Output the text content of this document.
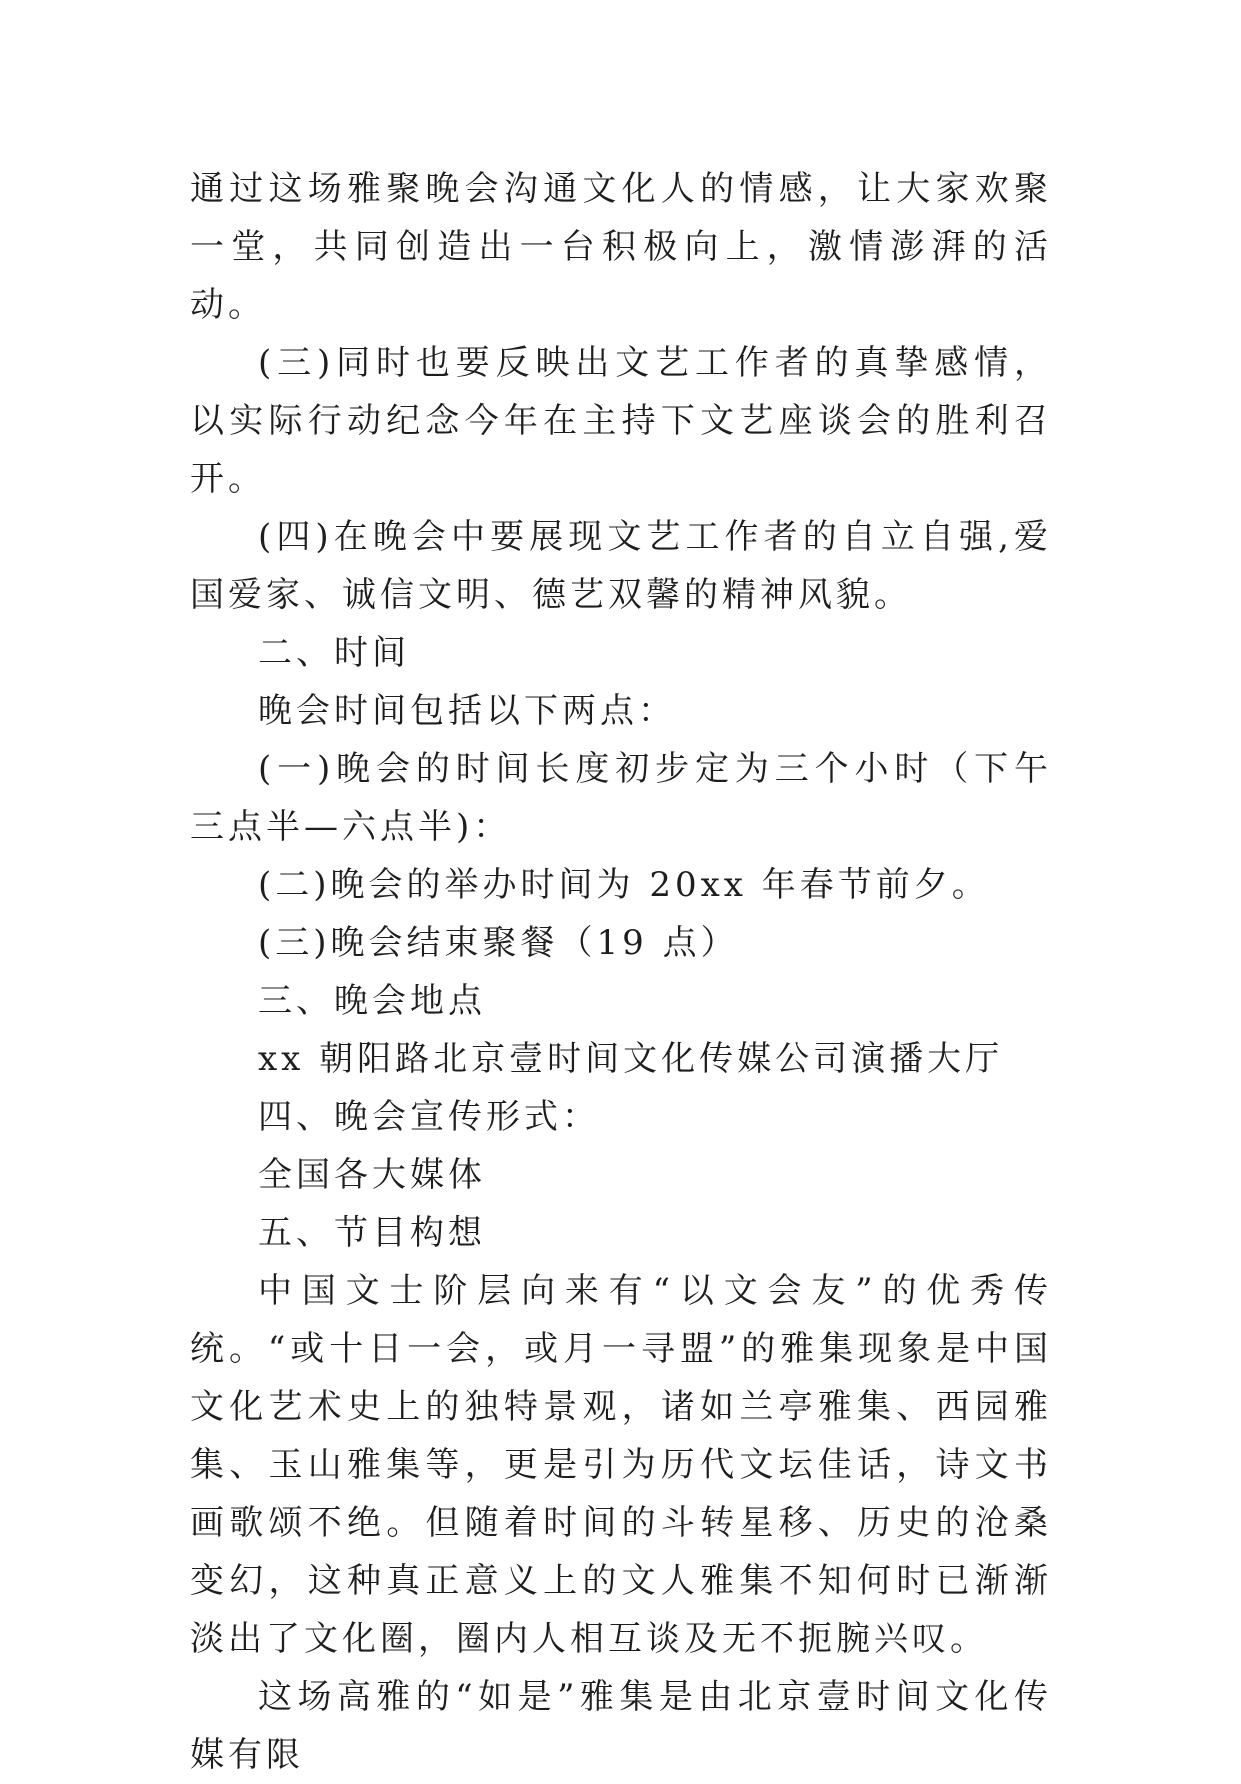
通过这场雅聚晚会沟通文化人的情感，让大家欢聚一堂，共同创造出一台积极向上，激情澎湃的活动。

(三)同时也要反映出文艺工作者的真挚感情，以实际行动纪念今年在主持下文艺座谈会的胜利召开。

(四)在晚会中要展现文艺工作者的自立自强,爱国爱家、诚信文明、德艺双馨的精神风貌。

二、时间

晚会时间包括以下两点：

(一)晚会的时间长度初步定为三个小时（下午三点半—六点半)：

(二)晚会的举办时间为 20xx 年春节前夕。

(三)晚会结束聚餐（19 点）

三、晚会地点

xx 朝阳路北京壹时间文化传媒公司演播大厅

四、晚会宣传形式：

全国各大媒体

五、节目构想

中国文士阶层向来有“以文会友”的优秀传统。“或十日一会，或月一寻盟”的雅集现象是中国文化艺术史上的独特景观，诸如兰亭雅集、西园雅集、玉山雅集等，更是引为历代文坛佳话，诗文书画歌颂不绝。但随着时间的斗转星移、历史的沧桑变幻，这种真正意义上的文人雅集不知何时已渐渐淡出了文化圈，圈内人相互谈及无不扼腕兴叹。

这场高雅的“如是”雅集是由北京壹时间文化传媒有限
